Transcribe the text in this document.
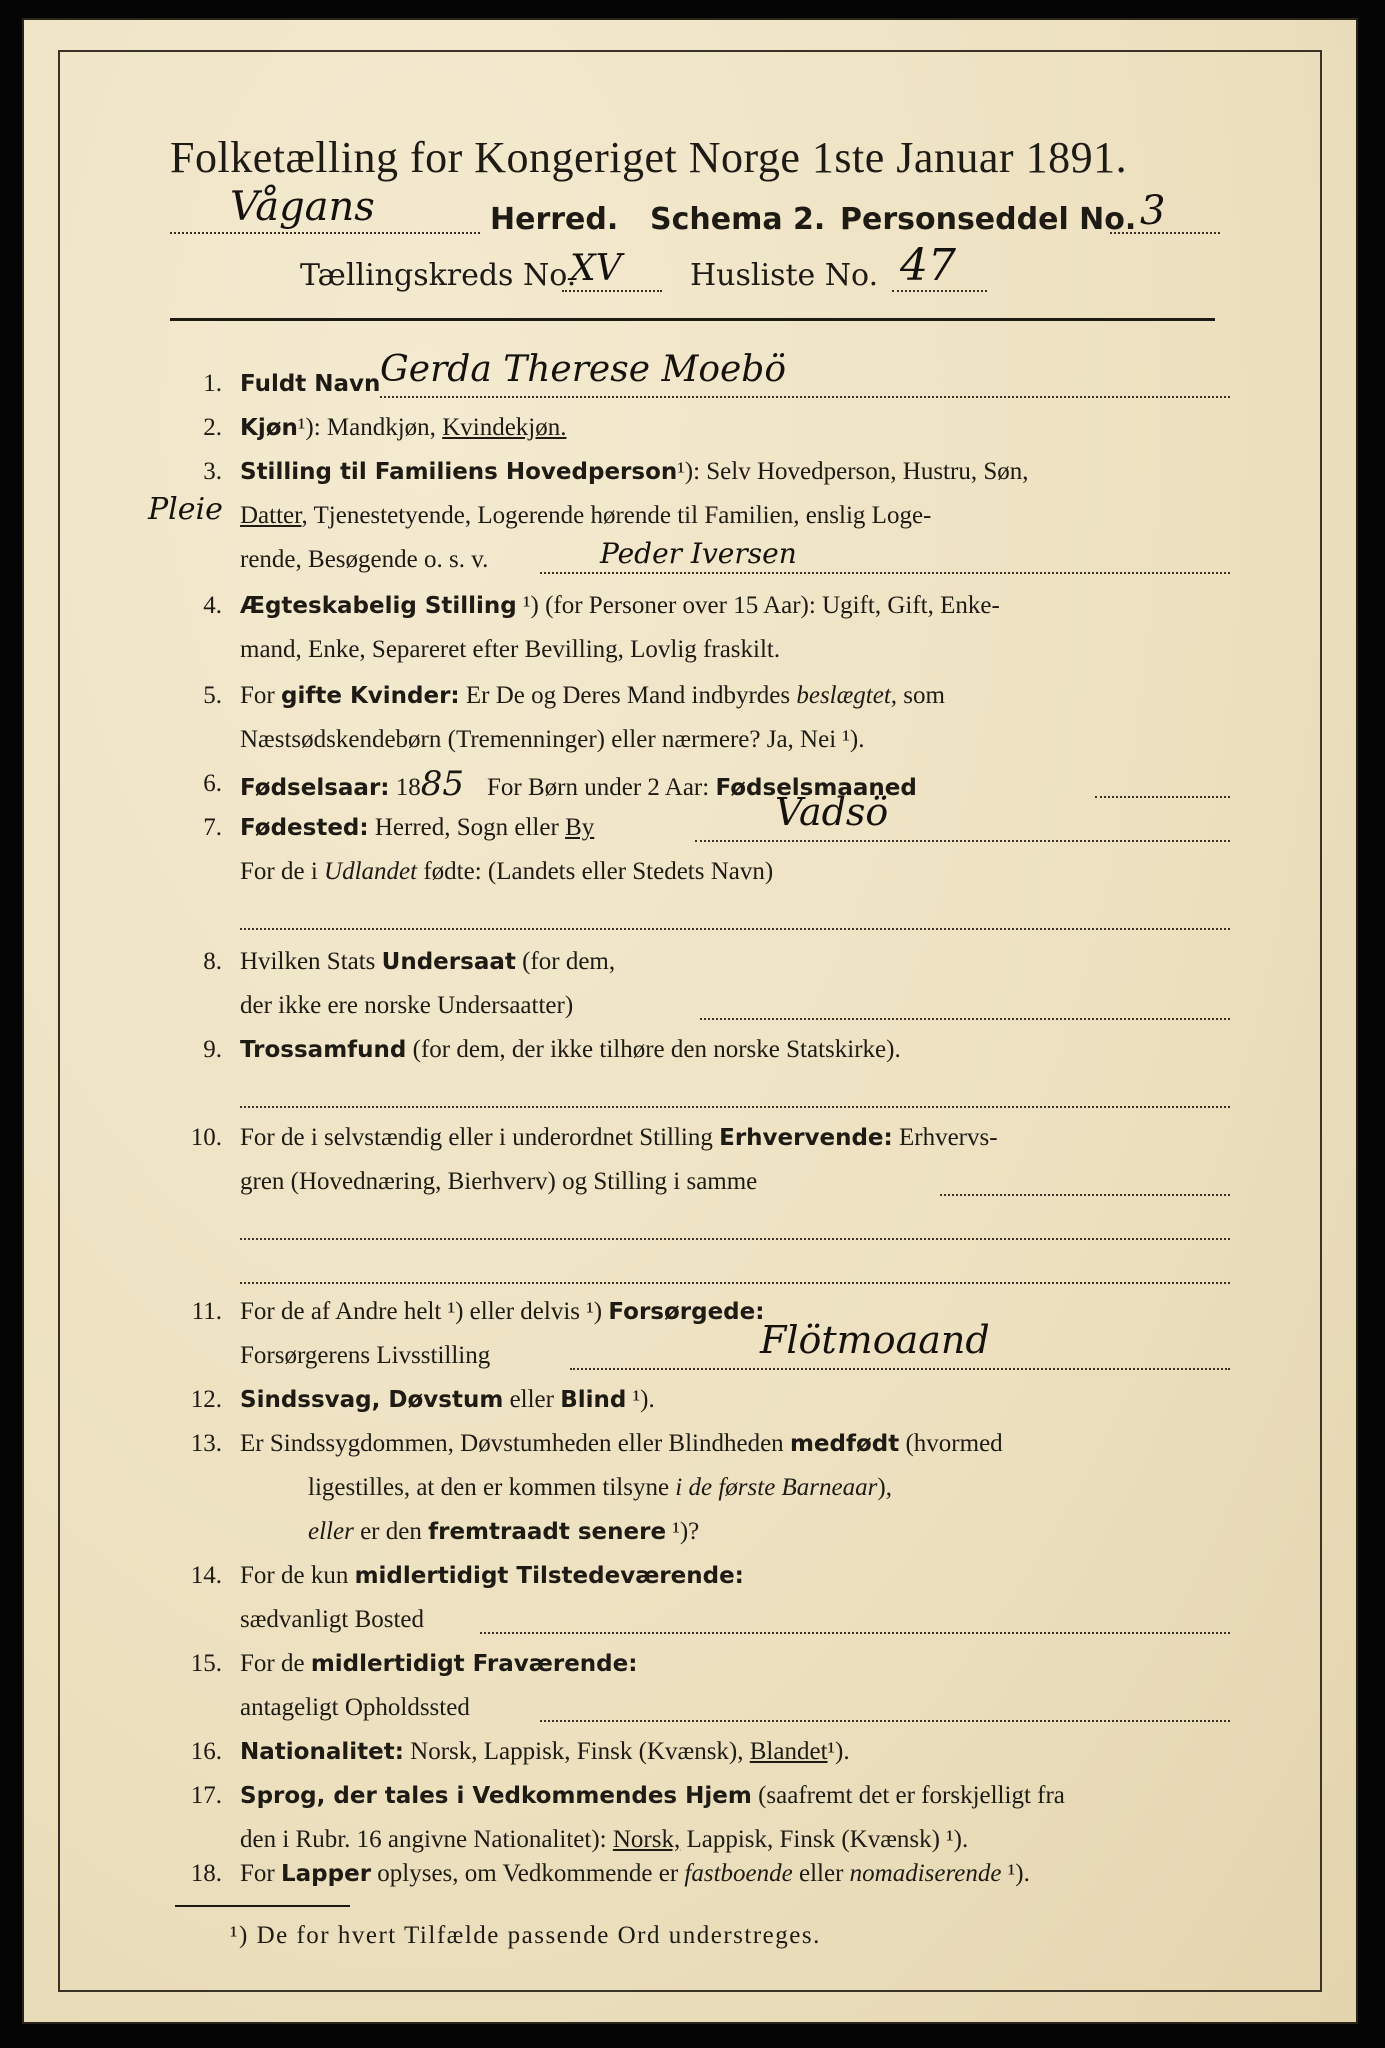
Folketælling for Kongeriget Norge 1ste Januar 1891.
Vågans	Herred. Schema 2. Personseddel No. 3
Tællingskreds No.
XV Husliste No. 47
1. Fuldt Navn Gerda Therese Moebö
2. Kjøn¹): Mandkjøn, Kvindekjøn.
3. Stilling til Familiens Hovedperson¹): Selv Hovedperson, Hustru, Søn,
Pleie Datter, Tjenestetyende, Logerende hørende til Familien, enslig Loge-
rende, Besøgende o. s. v.	Peder Iversen
4. Ægteskabelig Stilling ¹) (for Personer over 15 Aar): Ugift, Gift, Enke-
mand, Enke, Separeret efter Bevilling, Lovlig fraskilt.
5. For gifte Kvinder: Er De og Deres Mand indbyrdes beslægtet, som
Næstsødskendebørn (Tremenninger) eller nærmere? Ja, Nei ¹).
6. Fødselsaar: 1885 For Børn under 2 Aar: Fødselsmaaned
7. Fødested: Herred, Sogn eller By	Vadsö
For de i Udlandet fødte: (Landets eller Stedets Navn)
8. Hvilken Stats Undersaat (for dem,
der ikke ere norske Undersaatter)
9. Trossamfund (for dem, der ikke tilhøre den norske Statskirke).
10. For de i selvstændig eller i underordnet Stilling Erhvervende: Erhvervs-
gren (Hovednæring, Bierhverv) og Stilling i samme
11. For de af Andre helt ¹) eller delvis ¹) Forsørgede:
Forsørgerens Livsstilling	Flötmoaand
12. Sindssvag, Døvstum eller Blind ¹).
13. Er Sindssygdommen, Døvstumheden eller Blindheden medfødt (hvormed
ligestilles, at den er kommen tilsyne i de første Barneaar),
eller er den fremtraadt senere ¹)?
14. For de kun midlertidigt Tilstedeværende:
sædvanligt Bosted
15. For de midlertidigt Fraværende:
antageligt Opholdssted
16. Nationalitet: Norsk, Lappisk, Finsk (Kvænsk), Blandet¹).
17. Sprog, der tales i Vedkommendes Hjem (saafremt det er forskjelligt fra
den i Rubr. 16 angivne Nationalitet): Norsk, Lappisk, Finsk (Kvænsk) ¹).
18. For Lapper oplyses, om Vedkommende er fastboende eller nomadiserende ¹).
¹) De for hvert Tilfælde passende Ord understreges.
